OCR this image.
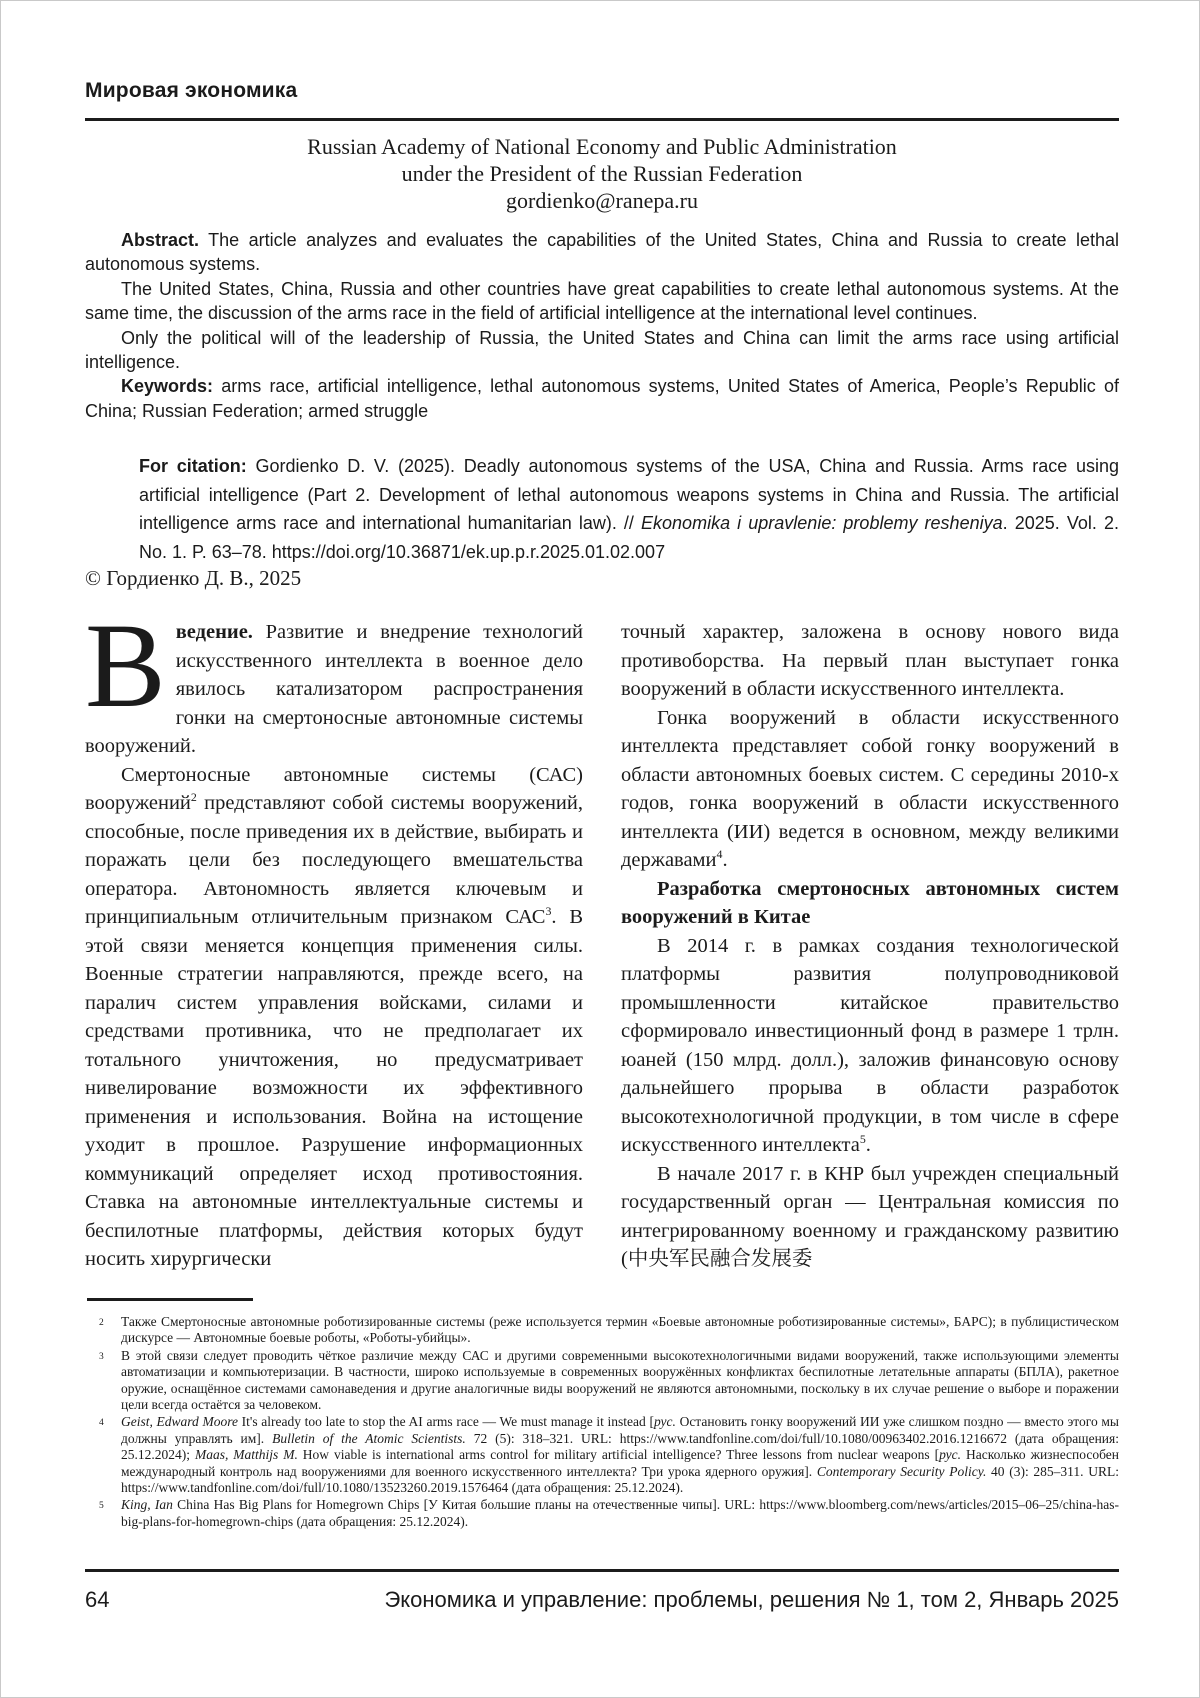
Мировая экономика
Russian Academy of National Economy and Public Administration
under the President of the Russian Federation
gordienko@ranepa.ru

Abstract. The article analyzes and evaluates the capabilities of the United States, China and Russia to create lethal autonomous systems.

The United States, China, Russia and other countries have great capabilities to create lethal autonomous systems. At the same time, the discussion of the arms race in the field of artificial intelligence at the international level continues.

Only the political will of the leadership of Russia, the United States and China can limit the arms race using artificial intelligence.

Keywords: arms race, artificial intelligence, lethal autonomous systems, United States of America, People’s Republic of China; Russian Federation; armed struggle

For citation: Gordienko D. V. (2025). Deadly autonomous systems of the USA, China and Russia. Arms race using artificial intelligence (Part 2. Development of lethal autonomous weapons systems in China and Russia. The artificial intelligence arms race and international humanitarian law). // Ekonomika i upravlenie: problemy resheniya. 2025. Vol. 2. No. 1. P. 63–78. https://doi.org/10.36871/ek.up.p.r.2025.01.02.007
© Гордиенко Д. В., 2025

Введение. Развитие и внедрение технологий искусственного интеллекта в военное дело явилось катализатором распространения гонки на смертоносные автономные системы вооружений.

Смертоносные автономные системы (САС) вооружений$^2$ представляют собой системы вооружений, способные, после приведения их в действие, выбирать и поражать цели без последующего вмешательства оператора. Автономность является ключевым и принципиальным отличительным признаком САС$^3$. В этой связи меняется концепция применения силы. Военные стратегии направляются, прежде всего, на паралич систем управления войсками, силами и средствами противника, что не предполагает их тотального уничтожения, но предусматривает нивелирование возможности их эффективного применения и использования. Война на истощение уходит в прошлое. Разрушение информационных коммуникаций определяет исход противостояния. Ставка на автономные интеллектуальные системы и беспилотные платформы, действия которых будут носить хирургически

точный характер, заложена в основу нового вида противоборства. На первый план выступает гонка вооружений в области искусственного интеллекта.

Гонка вооружений в области искусственного интеллекта представляет собой гонку вооружений в области автономных боевых систем. С середины 2010-х годов, гонка вооружений в области искусственного интеллекта (ИИ) ведется в основном, между великими державами$^4$.

Разработка смертоносных автономных систем вооружений в Китае

В 2014 г. в рамках создания технологической платформы развития полупроводниковой промышленности китайское правительство сформировало инвестиционный фонд в размере 1 трлн. юаней (150 млрд. долл.), заложив финансовую основу дальнейшего прорыва в области разработок высокотехнологичной продукции, в том числе в сфере искусственного интеллекта$^5$.

В начале 2017 г. в КНР был учрежден специальный государственный орган — Центральная комиссия по интегрированному военному и гражданскому развитию (中央军民融合发展委

2	Также Смертоносные автономные роботизированные системы (реже используется термин «Боевые автономные роботизированные системы», БАРС); в публицистическом дискурсе — Автономные боевые роботы, «Роботы-убийцы».
3	В этой связи следует проводить чёткое различие между САС и другими современными высокотехнологичными видами вооружений, также использующими элементы автоматизации и компьютеризации. В частности, широко используемые в современных вооружённых конфликтах беспилотные летательные аппараты (БПЛА), ракетное оружие, оснащённое системами самонаведения и другие аналогичные виды вооружений не являются автономными, поскольку в их случае решение о выборе и поражении цели всегда остаётся за человеком.
4	Geist, Edward Moore It's already too late to stop the AI arms race — We must manage it instead [рус. Остановить гонку вооружений ИИ уже слишком поздно — вместо этого мы должны управлять им]. Bulletin of the Atomic Scientists. 72 (5): 318–321. URL: https://www.tandfonline.com/doi/full/10.1080/00963402.2016.1216672 (дата обращения: 25.12.2024); Maas, Matthijs M. How viable is international arms control for military artificial intelligence? Three lessons from nuclear weapons [рус. Насколько жизнеспособен международный контроль над вооружениями для военного искусственного интеллекта? Три урока ядерного оружия]. Contemporary Security Policy. 40 (3): 285–311. URL: https://www.tandfonline.com/doi/full/10.1080/13523260.2019.1576464 (дата обращения: 25.12.2024).
5	King, Ian China Has Big Plans for Homegrown Chips [У Китая большие планы на отечественные чипы]. URL: https://www.bloomberg.com/news/articles/2015–06–25/china-has-big-plans-for-homegrown-chips (дата обращения: 25.12.2024).
64	Экономика и управление: проблемы, решения № 1, том 2, Январь 2025
